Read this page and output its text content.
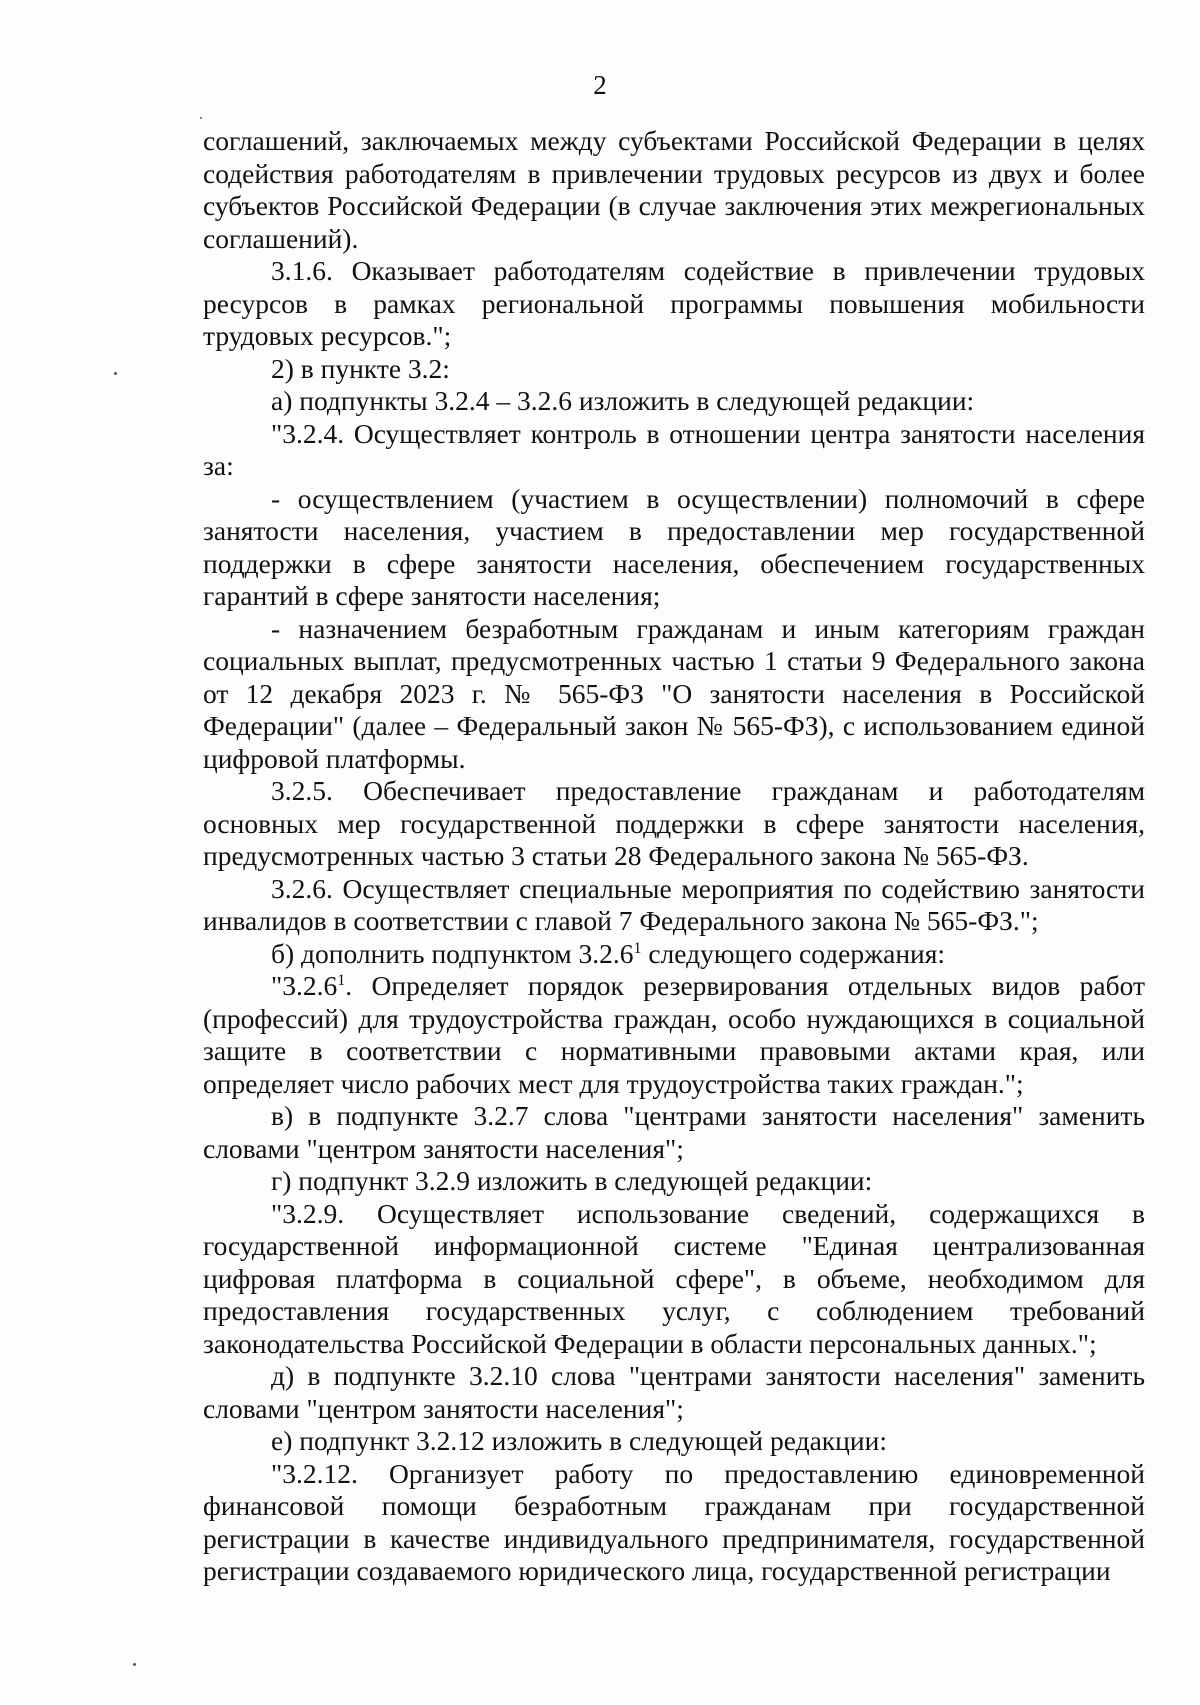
2

соглашений, заключаемых между субъектами Российской Федерации в целях содействия работодателям в привлечении трудовых ресурсов из двух и более субъектов Российской Федерации (в случае заключения этих межрегиональных соглашений).

3.1.6. Оказывает работодателям содействие в привлечении трудовых ресурсов в рамках региональной программы повышения мобильности трудовых ресурсов.";

2) в пункте 3.2:

а) подпункты 3.2.4 – 3.2.6 изложить в следующей редакции:

"3.2.4. Осуществляет контроль в отношении центра занятости населения за:

- осуществлением (участием в осуществлении) полномочий в сфере занятости населения, участием в предоставлении мер государственной поддержки в сфере занятости населения, обеспечением государственных гарантий в сфере занятости населения;

- назначением безработным гражданам и иным категориям граждан социальных выплат, предусмотренных частью 1 статьи 9 Федерального закона от 12 декабря 2023 г. № 565-ФЗ "О занятости населения в Российской Федерации" (далее – Федеральный закон № 565-ФЗ), с использованием единой цифровой платформы.

3.2.5. Обеспечивает предоставление гражданам и работодателям основных мер государственной поддержки в сфере занятости населения, предусмотренных частью 3 статьи 28 Федерального закона № 565-ФЗ.

3.2.6. Осуществляет специальные мероприятия по содействию занятости инвалидов в соответствии с главой 7 Федерального закона № 565-ФЗ.";

б) дополнить подпунктом 3.2.6$^1$ следующего содержания:

"3.2.6$^1$. Определяет порядок резервирования отдельных видов работ (профессий) для трудоустройства граждан, особо нуждающихся в социальной защите в соответствии с нормативными правовыми актами края, или определяет число рабочих мест для трудоустройства таких граждан.";

в) в подпункте 3.2.7 слова "центрами занятости населения" заменить словами "центром занятости населения";

г) подпункт 3.2.9 изложить в следующей редакции:

"3.2.9. Осуществляет использование сведений, содержащихся в государственной информационной системе "Единая централизованная цифровая платформа в социальной сфере", в объеме, необходимом для предоставления государственных услуг, с соблюдением требований законодательства Российской Федерации в области персональных данных.";

д) в подпункте 3.2.10 слова "центрами занятости населения" заменить словами "центром занятости населения";

е) подпункт 3.2.12 изложить в следующей редакции:

"3.2.12. Организует работу по предоставлению единовременной финансовой помощи безработным гражданам при государственной регистрации в качестве индивидуального предпринимателя, государственной регистрации создаваемого юридического лица, государственной регистрации
